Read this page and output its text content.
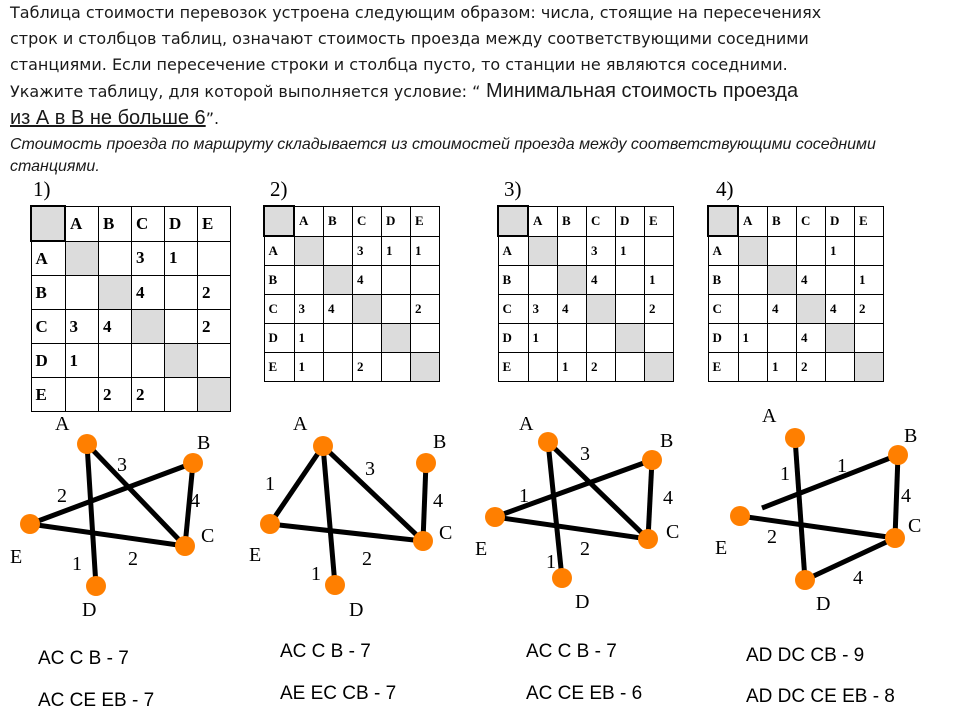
Таблица стоимости перевозок устроена следующим образом: числа, стоящие на пересечениях
строк и столбцов таблиц, означают стоимость проезда между соответствующими соседними
станциями. Если пересечение строки и столбца пусто, то станции не являются соседними.
Укажите таблицу, для которой выполняется условие: “ Минимальная стоимость проезда
из А в В не больше 6”.
Стоимость проезда по маршруту складывается из стоимостей проезда между соответствующими соседними станциями.
1)	2)	3)	4)
	A	B	C	D	E
A			3	1	
B			4		2
C	3	4			2
D	1				
E		2	2		
	A	B	C	D	E
A			3	1	1
B			4		
C	3	4			2
D	1				
E	1		2		
	A	B	C	D	E
A			3	1	
B			4		1
C	3	4			2
D	1				
E		1	2		
	A	B	C	D	E
A				1	
B			4		1
C		4		4	2
D	1		4		
E		1	2		
A
B
C
D
E
3
2	4
1 2
A
B
C
D
E
3
1
4
1
2
A
B
C
D
E
3
1	4
1
2
A
B
C
D
E
1 1
4
2
4
AC C B - 7
AC CE EB - 7
AC C B - 7
AE EC CB - 7
AC C B - 7
AC CE EB - 6
AD DC CB - 9
AD DC CE EB - 8
